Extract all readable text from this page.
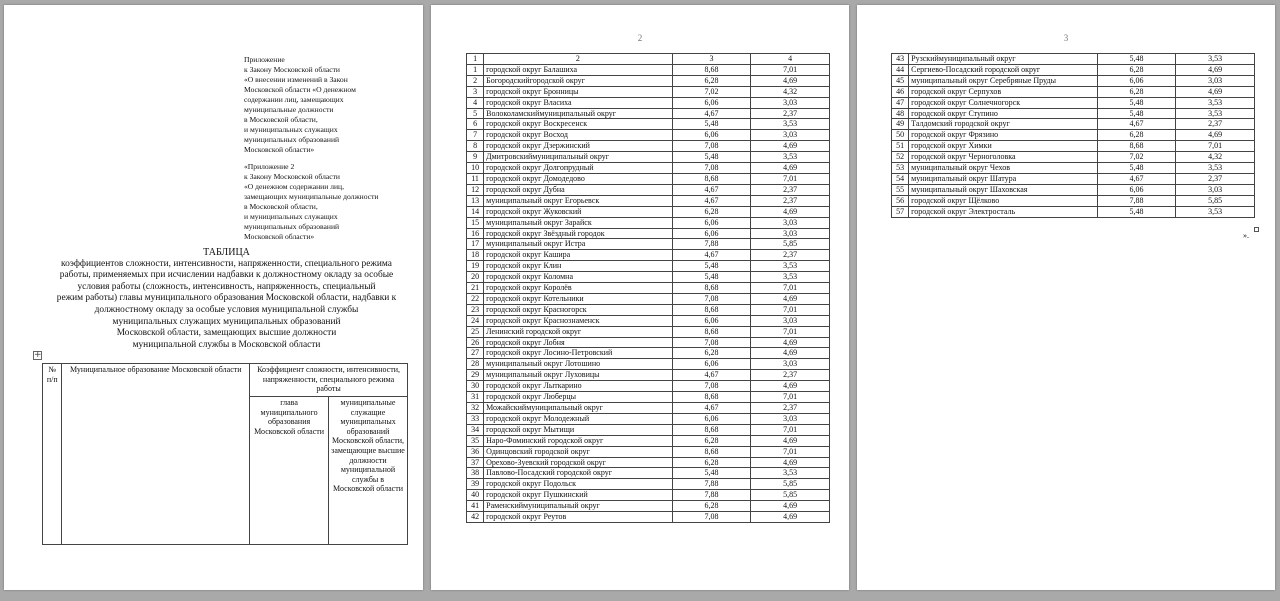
Приложение
к Закону Московской области
«О внесении изменений в Закон
Московской области «О денежном
содержании лиц, замещающих
муниципальные должности
в Московской области,
и муниципальных служащих
муниципальных образований
Московской области»
«Приложение 2
к Закону Московской области
«О денежном содержании лиц,
замещающих муниципальные должности
в Московской области,
и муниципальных служащих
муниципальных образований
Московской области»
ТАБЛИЦА
коэффициентов сложности, интенсивности, напряженности, специального режима
работы, применяемых при исчислении надбавки к должностному окладу за особые
условия работы (сложность, интенсивность, напряженность, специальный
режим работы) главы муниципального образования Московской области, надбавки к
должностному окладу за особые условия муниципальной службы
муниципальных служащих муниципальных образований
Московской области, замещающих высшие должности
муниципальной службы в Московской области
+
№
п/п	Муниципальное образование Московской области	Коэффициент сложности, интенсивности, напряженности, специального режима работы	
		глава муниципального образования Московской области	муниципальные служащие муниципальных образований Московской области, замещающие высшие должности муниципальной службы в Московской области
2
1	2	3	4
1	городской округ Балашиха	8,68	7,01
2	Богородскийгородской округ	6,28	4,69
3	городской округ Бронницы	7,02	4,32
4	городской округ Власиха	6,06	3,03
5	Волоколамскиймуниципальный округ	4,67	2,37
6	городской округ Воскресенск	5,48	3,53
7	городской округ Восход	6,06	3,03
8	городской округ Дзержинский	7,08	4,69
9	Дмитровскиймуниципальный округ	5,48	3,53
10	городской округ Долгопрудный	7,08	4,69
11	городской округ Домодедово	8,68	7,01
12	городской округ Дубна	4,67	2,37
13	муниципальный округ Егорьевск	4,67	2,37
14	городской округ Жуковский	6,28	4,69
15	муниципальный округ Зарайск	6,06	3,03
16	городской округ Звёздный городок	6,06	3,03
17	муниципальный округ Истра	7,88	5,85
18	городской округ Кашира	4,67	2,37
19	городской округ Клин	5,48	3,53
20	городской округ Коломна	5,48	3,53
21	городской округ Королёв	8,68	7,01
22	городской округ Котельники	7,08	4,69
23	городской округ Красногорск	8,68	7,01
24	городской округ Краснознаменск	6,06	3,03
25	Ленинский городской округ	8,68	7,01
26	городской округ Лобня	7,08	4,69
27	городской округ Лосино-Петровский	6,28	4,69
28	муниципальный округ Лотошино	6,06	3,03
29	муниципальный округ Луховицы	4,67	2,37
30	городской округ Лыткарино	7,08	4,69
31	городской округ Люберцы	8,68	7,01
32	Можайскиймуниципальный округ	4,67	2,37
33	городской округ Молодежный	6,06	3,03
34	городской округ Мытищи	8,68	7,01
35	Наро-Фоминский городской округ	6,28	4,69
36	Одинцовский городской округ	8,68	7,01
37	Орехово-Зуевский городской округ	6,28	4,69
38	Павлово-Посадский городской округ	5,48	3,53
39	городской округ Подольск	7,88	5,85
40	городской округ Пушкинский	7,88	5,85
41	Раменскиймуниципальный округ	6,28	4,69
42	городской округ Реутов	7,08	4,69
3
43	Рузскиймуниципальный округ	5,48	3,53
44	Сергиево-Посадский городской округ	6,28	4,69
45	муниципальный округ Серебряные Пруды	6,06	3,03
46	городской округ Серпухов	6,28	4,69
47	городской округ Солнечногорск	5,48	3,53
48	городской округ Ступино	5,48	3,53
49	Талдомский городской округ	4,67	2,37
50	городской округ Фрязино	6,28	4,69
51	городской округ Химки	8,68	7,01
52	городской округ Черноголовка	7,02	4,32
53	муниципальный округ Чехов	5,48	3,53
54	муниципальный округ Шатура	4,67	2,37
55	муниципальный округ Шаховская	6,06	3,03
56	городской округ Щёлково	7,88	5,85
57	городской округ Электросталь	5,48	3,53
».
